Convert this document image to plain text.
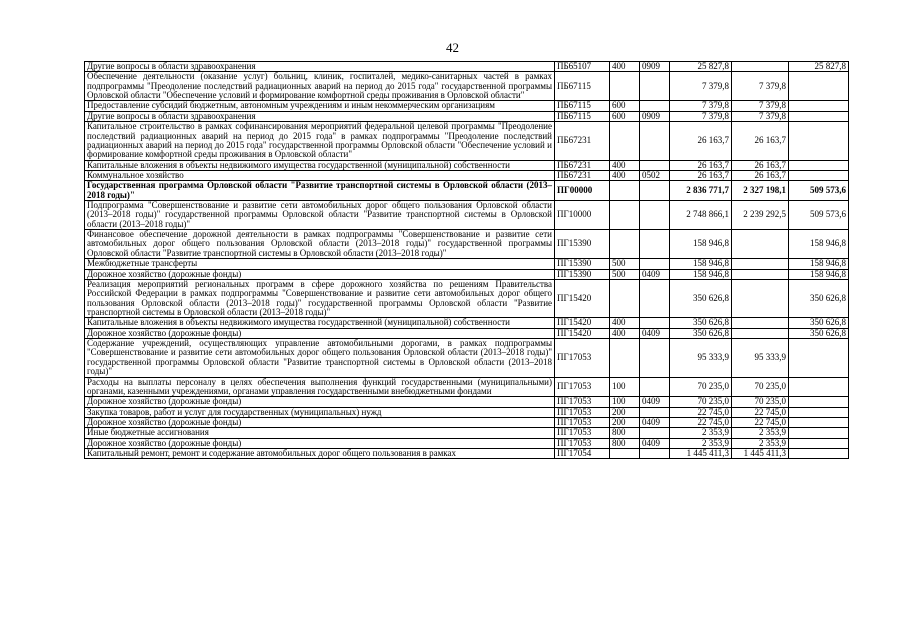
42
Другие вопросы в области здравоохранения	ПБ65107	400	0909	25 827,8		25 827,8
Обеспечение деятельности (оказание услуг) больниц, клиник, госпиталей, медико-санитарных частей в рамках подпрограммы "Преодоление последствий радиационных аварий на период до 2015 года" государственной программы Орловской области "Обеспечение условий и формирование комфортной среды проживания в Орловской области"	ПБ67115			7 379,8	7 379,8	
Предоставление субсидий бюджетным, автономным учреждениям и иным некоммерческим организациям	ПБ67115	600		7 379,8	7 379,8	
Другие вопросы в области здравоохранения	ПБ67115	600	0909	7 379,8	7 379,8	
Капитальное строительство в рамках софинансирования мероприятий федеральной целевой программы "Преодоление последствий радиационных аварий на период до 2015 года" в рамках подпрограммы "Преодоление последствий радиационных аварий на период до 2015 года" государственной программы Орловской области "Обеспечение условий и формирование комфортной среды проживания в Орловской области"	ПБ67231			26 163,7	26 163,7	
Капитальные вложения в объекты недвижимого имущества государственной (муниципальной) собственности	ПБ67231	400		26 163,7	26 163,7	
Коммунальное хозяйство	ПБ67231	400	0502	26 163,7	26 163,7	
Государственная программа Орловской области "Развитие транспортной системы в Орловской области (2013–2018 годы)"	ПГ00000			2 836 771,7	2 327 198,1	509 573,6
Подпрограмма "Совершенствование и развитие сети автомобильных дорог общего пользования Орловской области (2013–2018 годы)" государственной программы Орловской области "Развитие транспортной системы в Орловской области (2013–2018 годы)"	ПГ10000			2 748 866,1	2 239 292,5	509 573,6
Финансовое обеспечение дорожной деятельности в рамках подпрограммы "Совершенствование и развитие сети автомобильных дорог общего пользования Орловской области (2013–2018 годы)" государственной программы Орловской области "Развитие транспортной системы в Орловской области (2013–2018 годы)"	ПГ15390			158 946,8		158 946,8
Межбюджетные трансферты	ПГ15390	500		158 946,8		158 946,8
Дорожное хозяйство (дорожные фонды)	ПГ15390	500	0409	158 946,8		158 946,8
Реализация мероприятий региональных программ в сфере дорожного хозяйства по решениям Правительства Российской Федерации в рамках подпрограммы "Совершенствование и развитие сети автомобильных дорог общего пользования Орловской области (2013–2018 годы)" государственной программы Орловской области "Развитие транспортной системы в Орловской области (2013–2018 годы)"	ПГ15420			350 626,8		350 626,8
Капитальные вложения в объекты недвижимого имущества государственной (муниципальной) собственности	ПГ15420	400		350 626,8		350 626,8
Дорожное хозяйство (дорожные фонды)	ПГ15420	400	0409	350 626,8		350 626,8
Содержание учреждений, осуществляющих управление автомобильными дорогами, в рамках подпрограммы "Совершенствование и развитие сети автомобильных дорог общего пользования Орловской области (2013–2018 годы)" государственной программы Орловской области "Развитие транспортной системы в Орловской области (2013–2018 годы)"	ПГ17053			95 333,9	95 333,9	
Расходы на выплаты персоналу в целях обеспечения выполнения функций государственными (муниципальными) органами, казенными учреждениями, органами управления государственными внебюджетными фондами	ПГ17053	100		70 235,0	70 235,0	
Дорожное хозяйство (дорожные фонды)	ПГ17053	100	0409	70 235,0	70 235,0	
Закупка товаров, работ и услуг для государственных (муниципальных) нужд	ПГ17053	200		22 745,0	22 745,0	
Дорожное хозяйство (дорожные фонды)	ПГ17053	200	0409	22 745,0	22 745,0	
Иные бюджетные ассигнования	ПГ17053	800		2 353,9	2 353,9	
Дорожное хозяйство (дорожные фонды)	ПГ17053	800	0409	2 353,9	2 353,9	
Капитальный ремонт, ремонт и содержание автомобильных дорог общего пользования в рамках	ПГ17054			1 445 411,3	1 445 411,3	
